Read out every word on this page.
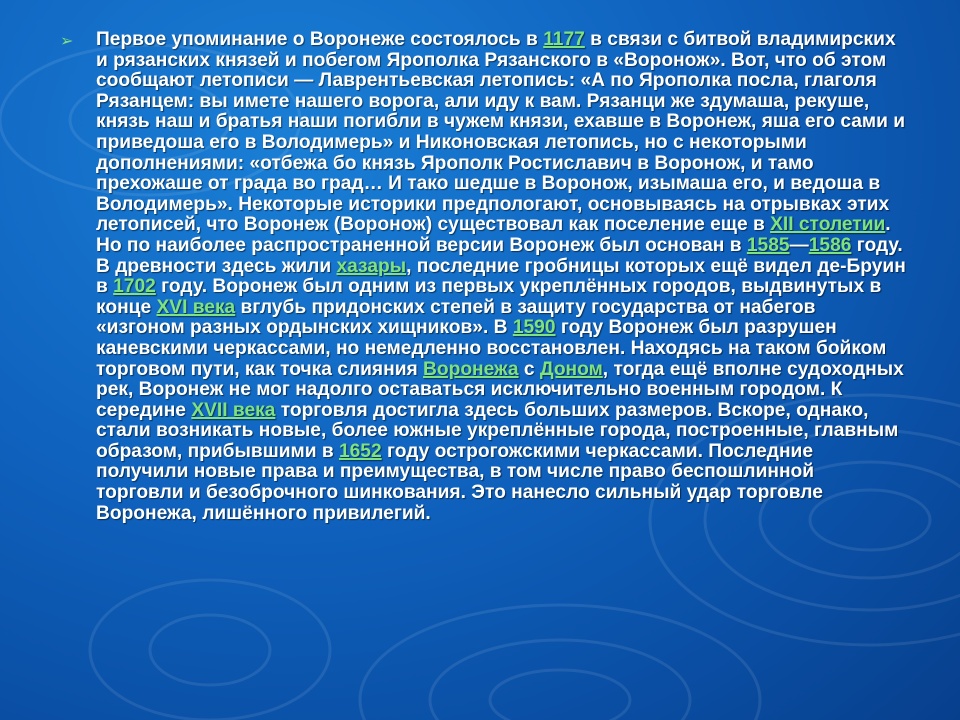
➢	Первое упоминание о Воронеже состоялось в 1177 в связи с битвой владимирских и рязанских князей и побегом Ярополка Рязанского в «Воронож». Вот, что об этом сообщают летописи — Лаврентьевская летопись: «А по Ярополка посла, глаголя Рязанцем: вы имете нашего ворога, али иду к вам. Рязанци же здумаша, рекуше, князь наш и братья наши погибли в чужем князи, ехавше в Воронеж, яша его сами и приведоша его в Володимерь» и Никоновская летопись, но с некоторыми дополнениями: «отбежа бо князь Ярополк Ростиславич в Воронож, и тамо прехожаше от града во град… И тако шедше в Воронож, изымаша его, и ведоша в Володимерь». Некоторые историки предпологают, основываясь на отрывках этих летописей, что Воронеж (Воронож) существовал как поселение еще в XII столетии. Но по наиболее распространенной версии Воронеж был основан в 1585—1586 году. В древности здесь жили хазары, последние гробницы которых ещё видел де-Бруин в 1702 году. Воронеж был одним из первых укреплённых городов, выдвинутых в конце XVI века вглубь придонских степей в защиту государства от набегов «изгоном разных ордынских хищников». В 1590 году Воронеж был разрушен каневскими черкассами, но немедленно восстановлен. Находясь на таком бойком торговом пути, как точка слияния Воронежа с Доном, тогда ещё вполне судоходных рек, Воронеж не мог надолго оставаться исключительно военным городом. К середине XVII века торговля достигла здесь больших размеров. Вскоре, однако, стали возникать новые, более южные укреплённые города, построенные, главным образом, прибывшими в 1652 году острогожскими черкассами. Последние получили новые права и преимущества, в том числе право беспошлинной торговли и безоброчного шинкования. Это нанесло сильный удар торговле Воронежа, лишённого привилегий.
